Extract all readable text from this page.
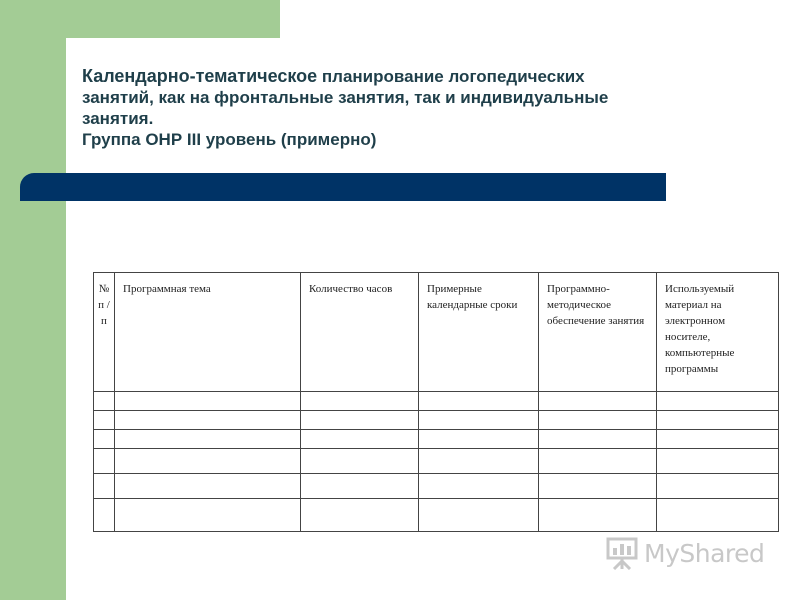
Календарно-тематическое планирование логопедических
занятий, как на фронтальные занятия, так и индивидуальные
занятия.
Группа ОНР III уровень (примерно)
№ п / п	Программная тема	Количество часов	Примерные календарные сроки	Программно-методическое обеспечение занятия	Используемый материал на электронном носителе, компьютерные программы

MyShared
